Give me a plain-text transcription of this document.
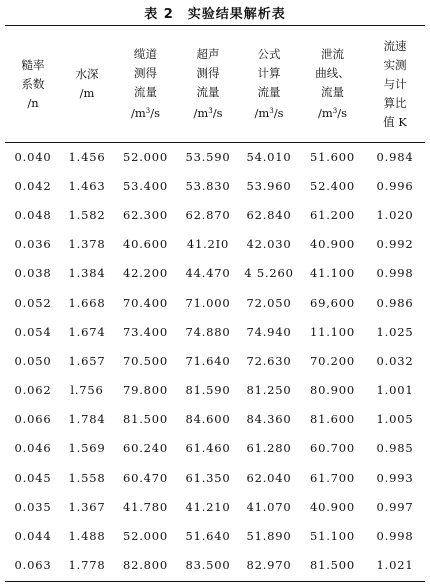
表 2　实验结果解析表
糙率
系数
/n	水深
/m	缆道
测得
流量
$/m^3/s$	超声
测得
流量
$/m^3/s$	公式
计算
流量
$/m^3/s$	泄流
曲线、
流量
$/m^3/s$	流速
实测
与计
算比
值 K

0.040	1.456	52.000	53.590	54.010	51.600	0.984
0.042	1.463	53.400	53.830	53.960	52.400	0.996
0.048	1.582	62.300	62.870	62.840	61.200	1.020
0.036	1.378	40.600	41.2I0	42.030	40.900	0.992
0.038	1.384	42.200	44.470	4 5.260	41.100	0.998
0.052	1.668	70.400	71.000	72.050	69,600	0.986
0.054	1.674	73.400	74.880	74.940	11.100	1.025
0.050	1.657	70.500	71.640	72.630	70.200	0.032
0.062	l.756	79.800	81.590	81.250	80.900	1.001
0.066	1.784	81.500	84.600	84.360	81.600	1.005
0.046	1.569	60.240	61.460	61.280	60.700	0.985
0.045	1.558	60.470	61.350	62.040	61.700	0.993
0.035	1.367	41.780	41.210	41.070	40.900	0.997
0.044	1.488	52.000	51.640	51.890	51.100	0.998
0.063	1.778	82.800	83.500	82.970	81.500	1.021
